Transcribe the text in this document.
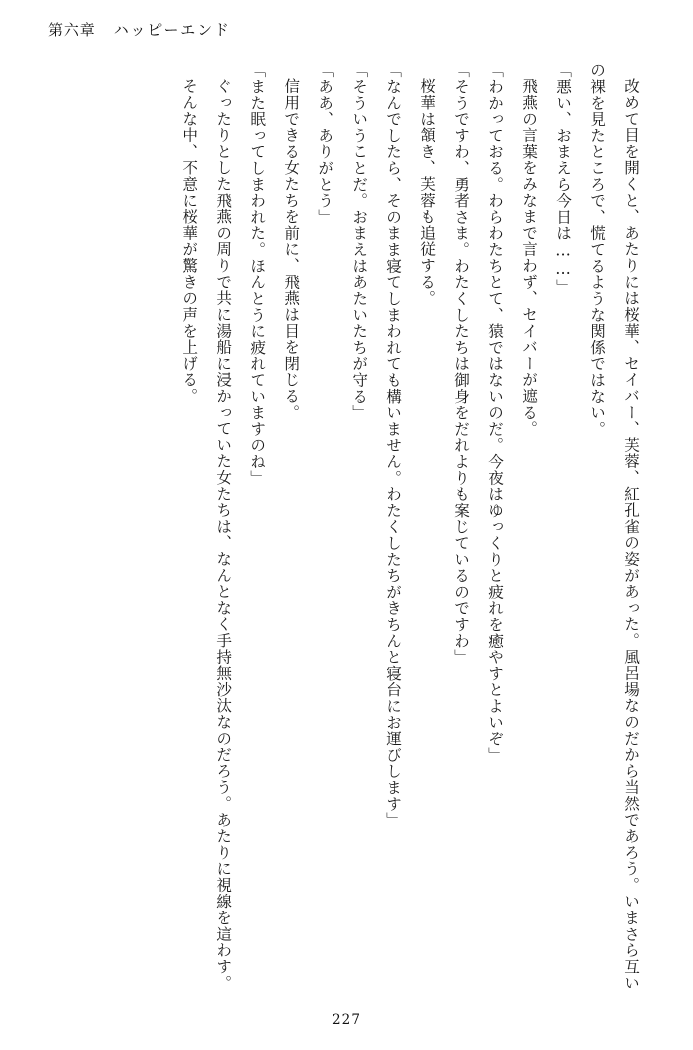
第六章 ハッピーエンド

改めて目を開くと、あたりには桜華、セイバー、芙蓉、紅孔雀の姿があった。風呂場なのだから当然であろう。いまさら互いの裸を見たところで、慌てるような関係ではない。

「悪い、おまえら今日は……」

飛燕の言葉をみなまで言わず、セイバーが遮る。

「わかっておる。わらわたちとて、猿ではないのだ。今夜はゆっくりと疲れを癒やすとよいぞ」

「そうですわ、勇者さま。わたくしたちは御身をだれよりも案じているのですわ」

桜華は頷き、芙蓉も追従する。

「なんでしたら、そのまま寝てしまわれても構いません。わたくしたちがきちんと寝台にお運びします」

「そういうことだ。おまえはあたいたちが守る」

「ああ、ありがとう」

信用できる女たちを前に、飛燕は目を閉じる。

「また眠ってしまわれた。ほんとうに疲れていますのね」

ぐったりとした飛燕の周りで共に湯船に浸かっていた女たちは、なんとなく手持無沙汰なのだろう。あたりに視線を這わす。

そんな中、不意に桜華が驚きの声を上げる。

227
